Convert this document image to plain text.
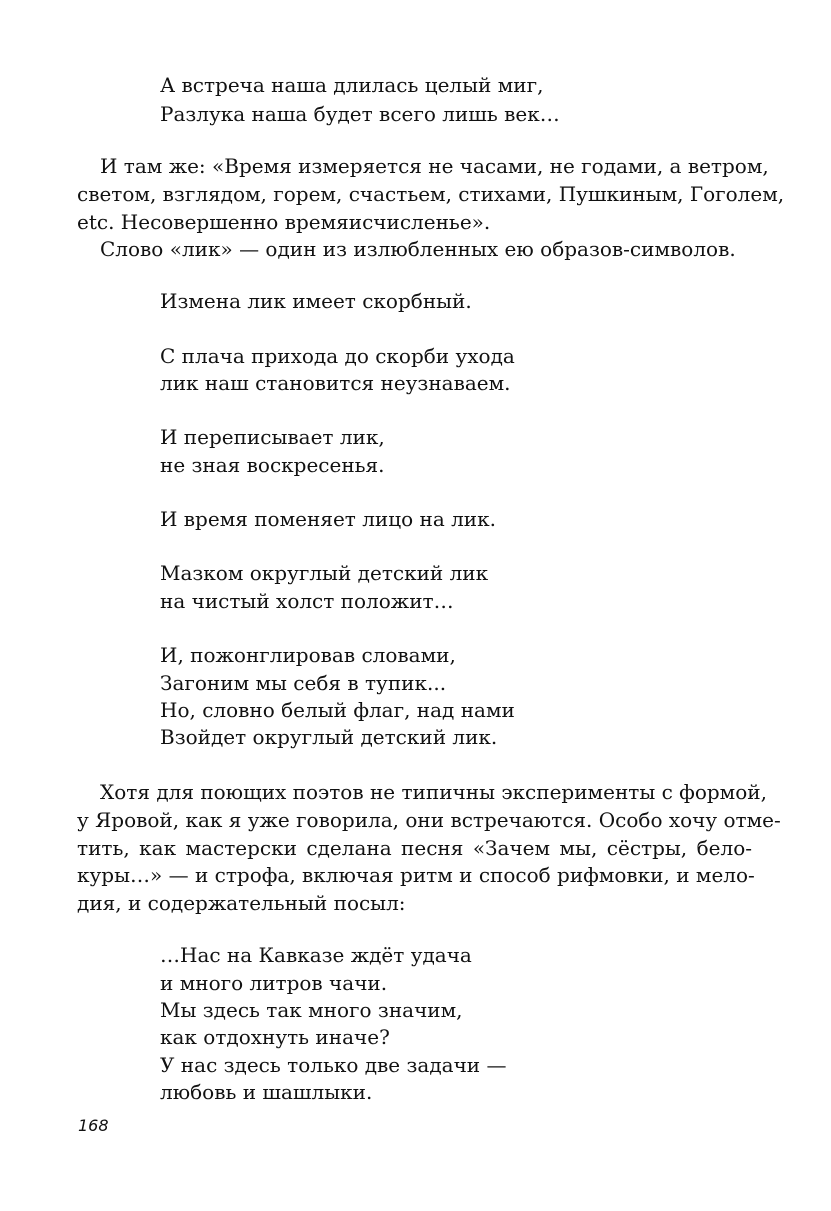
А встреча наша длилась целый миг,
Разлука наша будет всего лишь век…
И там же: «Время измеряется не часами, не годами, а ветром,
светом, взглядом, горем, счастьем, стихами, Пушкиным, Гоголем,
etc. Несовершенно времяисчисленье».
Слово «лик» — один из излюбленных ею образов-символов.
Измена лик имеет скорбный.
С плача прихода до скорби ухода
лик наш становится неузнаваем.
И переписывает лик,
не зная воскресенья.
И время поменяет лицо на лик.
Мазком округлый детский лик
на чистый холст положит…
И, пожонглировав словами,
Загоним мы себя в тупик...
Но, словно белый флаг, над нами
Взойдет округлый детский лик.
Хотя для поющих поэтов не типичны эксперименты с формой,
у Яровой, как я уже говорила, они встречаются. Особо хочу отме-
тить, как мастерски сделана песня «Зачем мы, сёстры, бело-
куры…» — и строфа, включая ритм и способ рифмовки, и мело-
дия, и содержательный посыл:
…Нас на Кавказе ждёт удача
и много литров чачи.
Мы здесь так много значим,
как отдохнуть иначе?
У нас здесь только две задачи —
любовь и шашлыки.
168
